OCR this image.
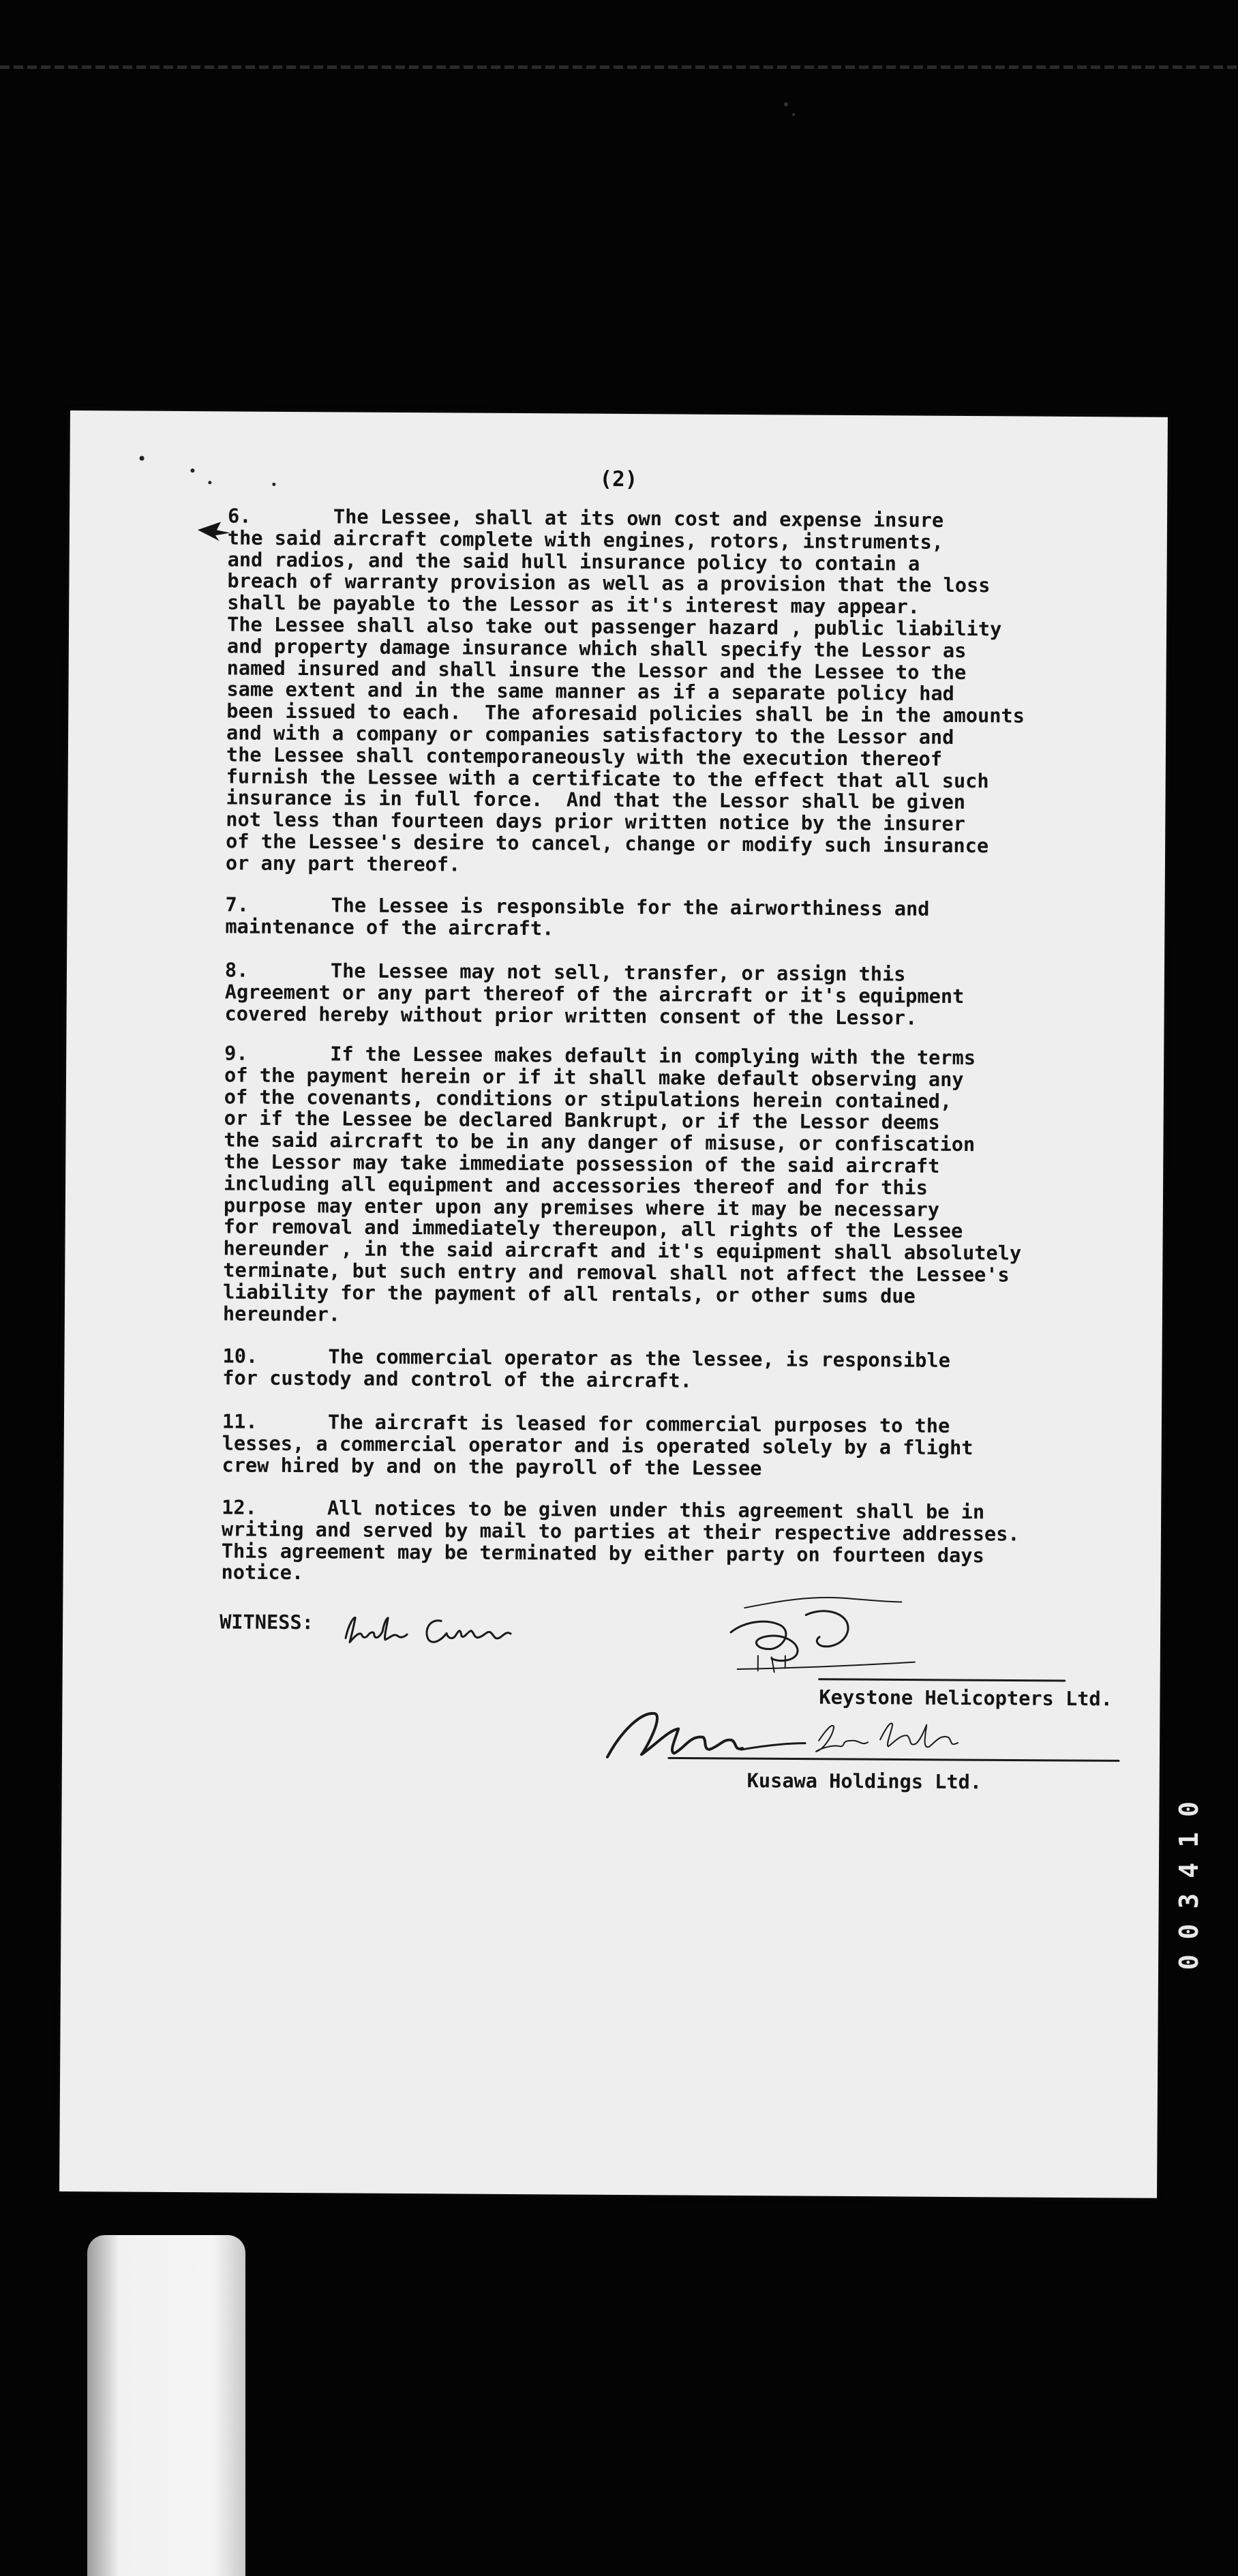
(2)
6.       The Lessee, shall at its own cost and expense insure
the said aircraft complete with engines, rotors, instruments,
and radios, and the said hull insurance policy to contain a
breach of warranty provision as well as a provision that the loss
shall be payable to the Lessor as it's interest may appear.
The Lessee shall also take out passenger hazard , public liability
and property damage insurance which shall specify the Lessor as
named insured and shall insure the Lessor and the Lessee to the
same extent and in the same manner as if a separate policy had
been issued to each.  The aforesaid policies shall be in the amounts
and with a company or companies satisfactory to the Lessor and
the Lessee shall contemporaneously with the execution thereof
furnish the Lessee with a certificate to the effect that all such
insurance is in full force.  And that the Lessor shall be given
not less than fourteen days prior written notice by the insurer
of the Lessee's desire to cancel, change or modify such insurance
or any part thereof.
7.       The Lessee is responsible for the airworthiness and
maintenance of the aircraft.
8.       The Lessee may not sell, transfer, or assign this
Agreement or any part thereof of the aircraft or it's equipment
covered hereby without prior written consent of the Lessor.
9.       If the Lessee makes default in complying with the terms
of the payment herein or if it shall make default observing any
of the covenants, conditions or stipulations herein contained,
or if the Lessee be declared Bankrupt, or if the Lessor deems
the said aircraft to be in any danger of misuse, or confiscation
the Lessor may take immediate possession of the said aircraft
including all equipment and accessories thereof and for this
purpose may enter upon any premises where it may be necessary
for removal and immediately thereupon, all rights of the Lessee
hereunder , in the said aircraft and it's equipment shall absolutely
terminate, but such entry and removal shall not affect the Lessee's
liability for the payment of all rentals, or other sums due
hereunder.
10.      The commercial operator as the lessee, is responsible
for custody and control of the aircraft.
11.      The aircraft is leased for commercial purposes to the
lesses, a commercial operator and is operated solely by a flight
crew hired by and on the payroll of the Lessee
12.      All notices to be given under this agreement shall be in
writing and served by mail to parties at their respective addresses.
This agreement may be terminated by either party on fourteen days
notice.
WITNESS:
Keystone Helicopters Ltd.
Kusawa Holdings Ltd.
003410
